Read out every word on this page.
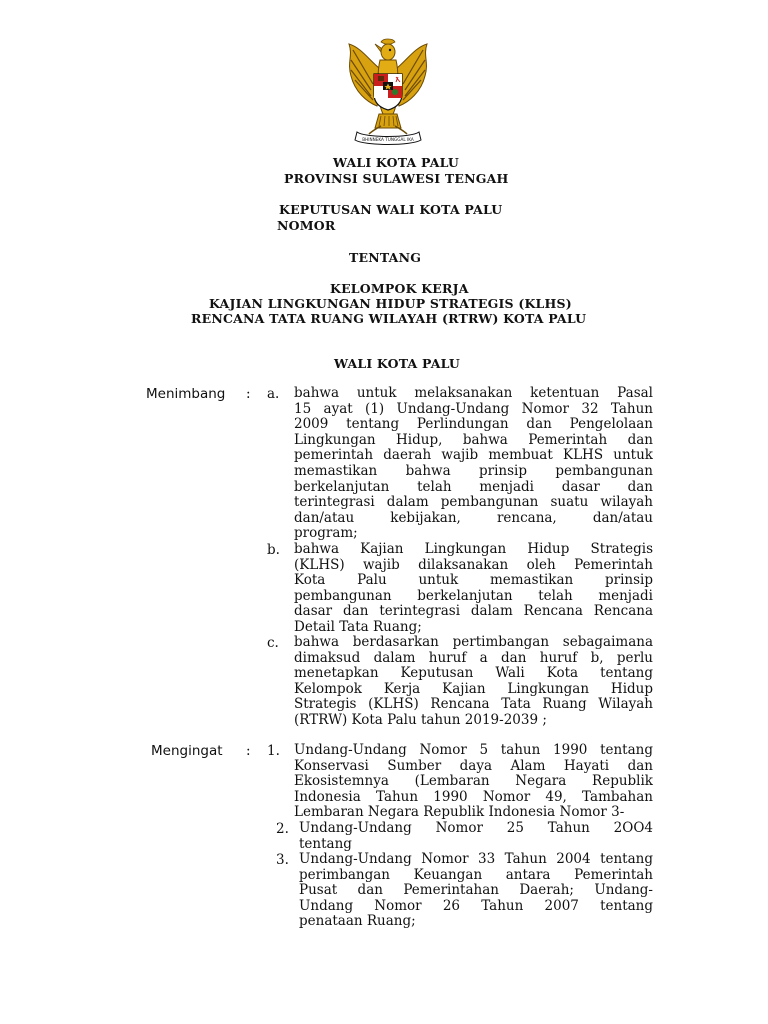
BHINNEKA TUNGGAL IKA
WALI KOTA PALU
PROVINSI SULAWESI TENGAH
KEPUTUSAN WALI KOTA PALU
NOMOR
TENTANG
KELOMPOK KERJA
KAJIAN LINGKUNGAN HIDUP STRATEGIS (KLHS)
RENCANA TATA RUANG WILAYAH (RTRW) KOTA PALU
WALI KOTA PALU
Menimbang : a. bahwa untuk melaksanakan ketentuan Pasal
15 ayat (1) Undang-Undang Nomor 32 Tahun
2009 tentang Perlindungan dan Pengelolaan
Lingkungan Hidup, bahwa Pemerintah dan
pemerintah daerah wajib membuat KLHS untuk
memastikan bahwa prinsip pembangunan
berkelanjutan telah menjadi dasar dan
terintegrasi dalam pembangunan suatu wilayah
dan/atau kebijakan, rencana, dan/atau
program;
b. bahwa Kajian Lingkungan Hidup Strategis
(KLHS) wajib dilaksanakan oleh Pemerintah
Kota Palu untuk memastikan prinsip
pembangunan berkelanjutan telah menjadi
dasar dan terintegrasi dalam Rencana Rencana
Detail Tata Ruang;
c. bahwa berdasarkan pertimbangan sebagaimana
dimaksud dalam huruf a dan huruf b, perlu
menetapkan Keputusan Wali Kota tentang
Kelompok Kerja Kajian Lingkungan Hidup
Strategis (KLHS) Rencana Tata Ruang Wilayah
(RTRW) Kota Palu tahun 2019-2039 ;
Mengingat : 1. Undang-Undang Nomor 5 tahun 1990 tentang
Konservasi Sumber daya Alam Hayati dan
Ekosistemnya (Lembaran Negara Republik
Indonesia Tahun 1990 Nomor 49, Tambahan
Lembaran Negara Republik Indonesia Nomor 3-
2. Undang-Undang Nomor 25 Tahun 2OO4
tentang
3. Undang-Undang Nomor 33 Tahun 2004 tentang
perimbangan Keuangan antara Pemerintah
Pusat dan Pemerintahan Daerah; Undang-
Undang Nomor 26 Tahun 2007 tentang
penataan Ruang;
